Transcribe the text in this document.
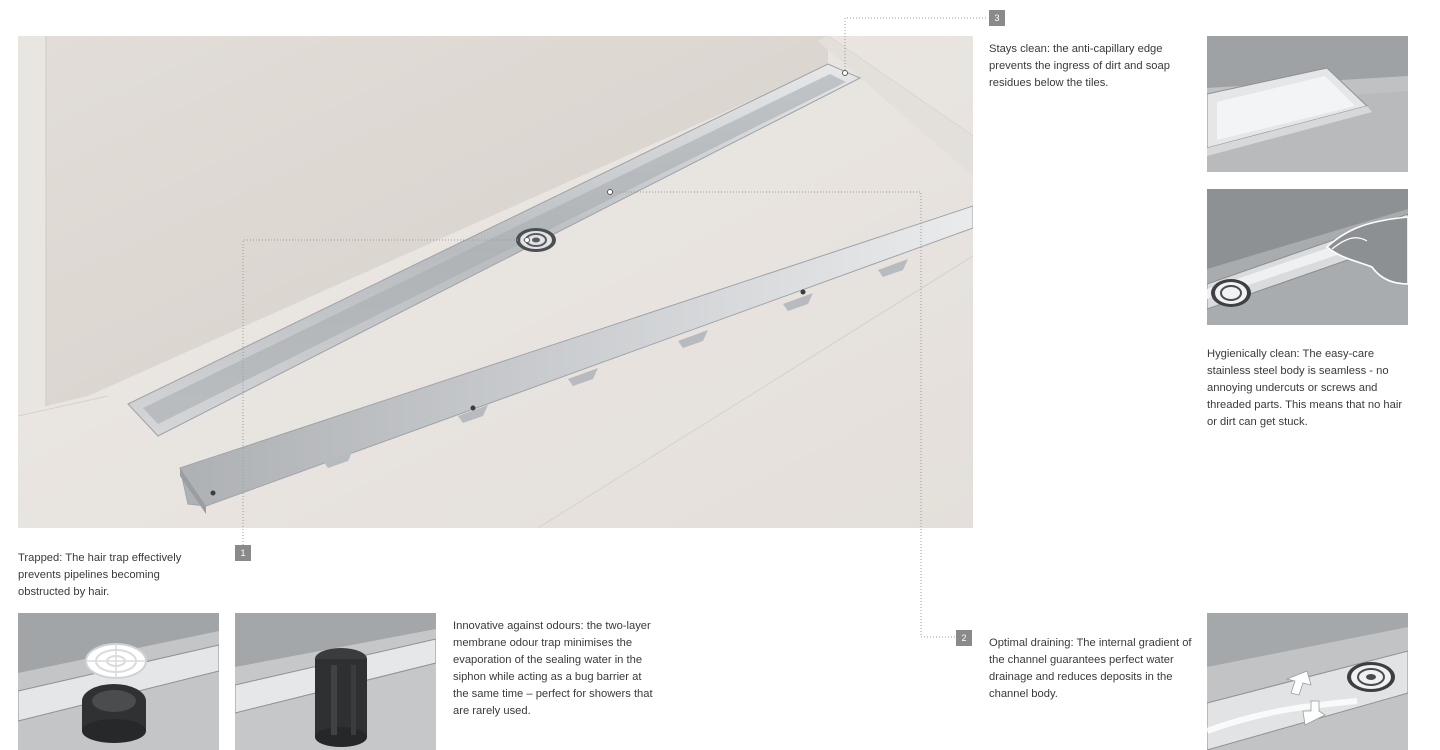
1
2
3

Stays clean: the anti-capillary edge prevents the ingress of dirt and soap residues below the tiles.

Hygienically clean: The easy-care stainless steel body is seamless - no annoying undercuts or screws and threaded parts. This means that no hair or dirt can get stuck.

Trapped: The hair trap effectively prevents pipelines becoming obstructed by hair.

Innovative against odours: the two-layer membrane odour trap minimises the evaporation of the sealing water in the siphon while acting as a bug barrier at the same time – perfect for showers that are rarely used.

Optimal draining: The internal gradient of the channel guarantees perfect water drainage and reduces deposits in the channel body.
